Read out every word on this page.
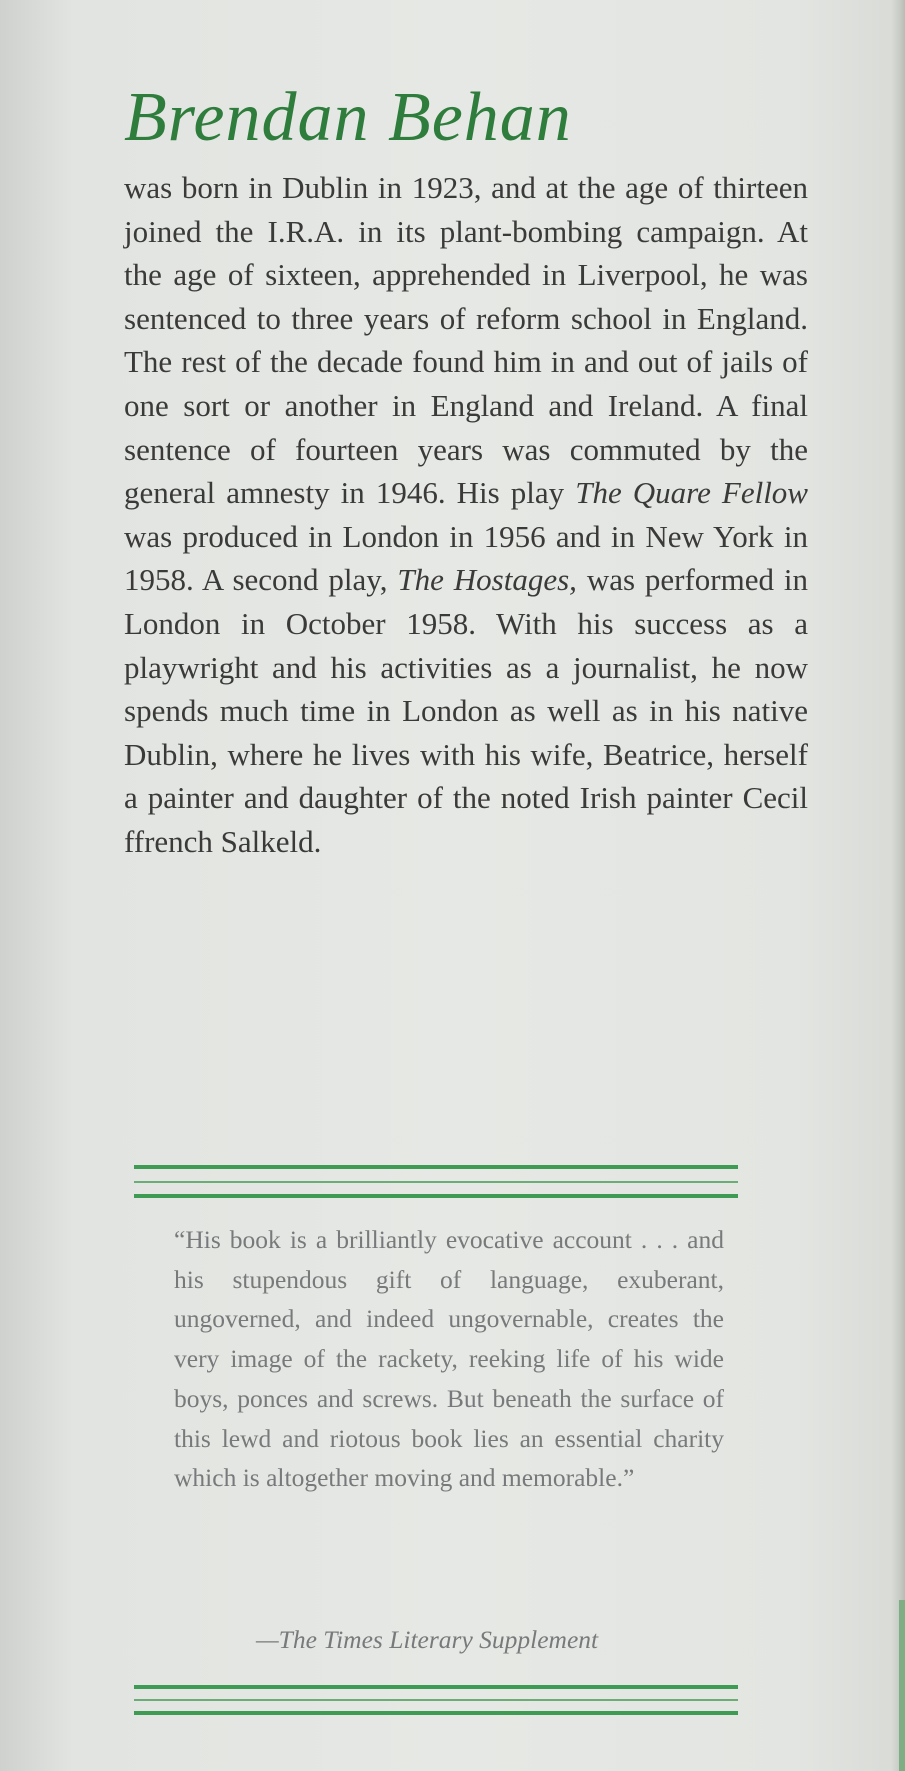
Brendan Behan

was born in Dublin in 1923, and at the age of thirteen joined the I.R.A. in its plant-bombing campaign. At the age of sixteen, apprehended in Liverpool, he was sentenced to three years of reform school in England. The rest of the decade found him in and out of jails of one sort or another in England and Ireland. A final sentence of fourteen years was commuted by the general amnesty in 1946. His play The Quare Fellow was produced in London in 1956 and in New York in 1958. A second play, The Hostages, was performed in London in October 1958. With his success as a playwright and his activities as a journalist, he now spends much time in London as well as in his native Dublin, where he lives with his wife, Beatrice, herself a painter and daughter of the noted Irish painter Cecil ffrench Salkeld.

“His book is a brilliantly evocative account . . . and his stupendous gift of language, exuberant, ungoverned, and indeed ungovernable, creates the very image of the rackety, reeking life of his wide boys, ponces and screws. But beneath the surface of this lewd and riotous book lies an essential charity which is altogether moving and memorable.”

—The Times Literary Supplement
